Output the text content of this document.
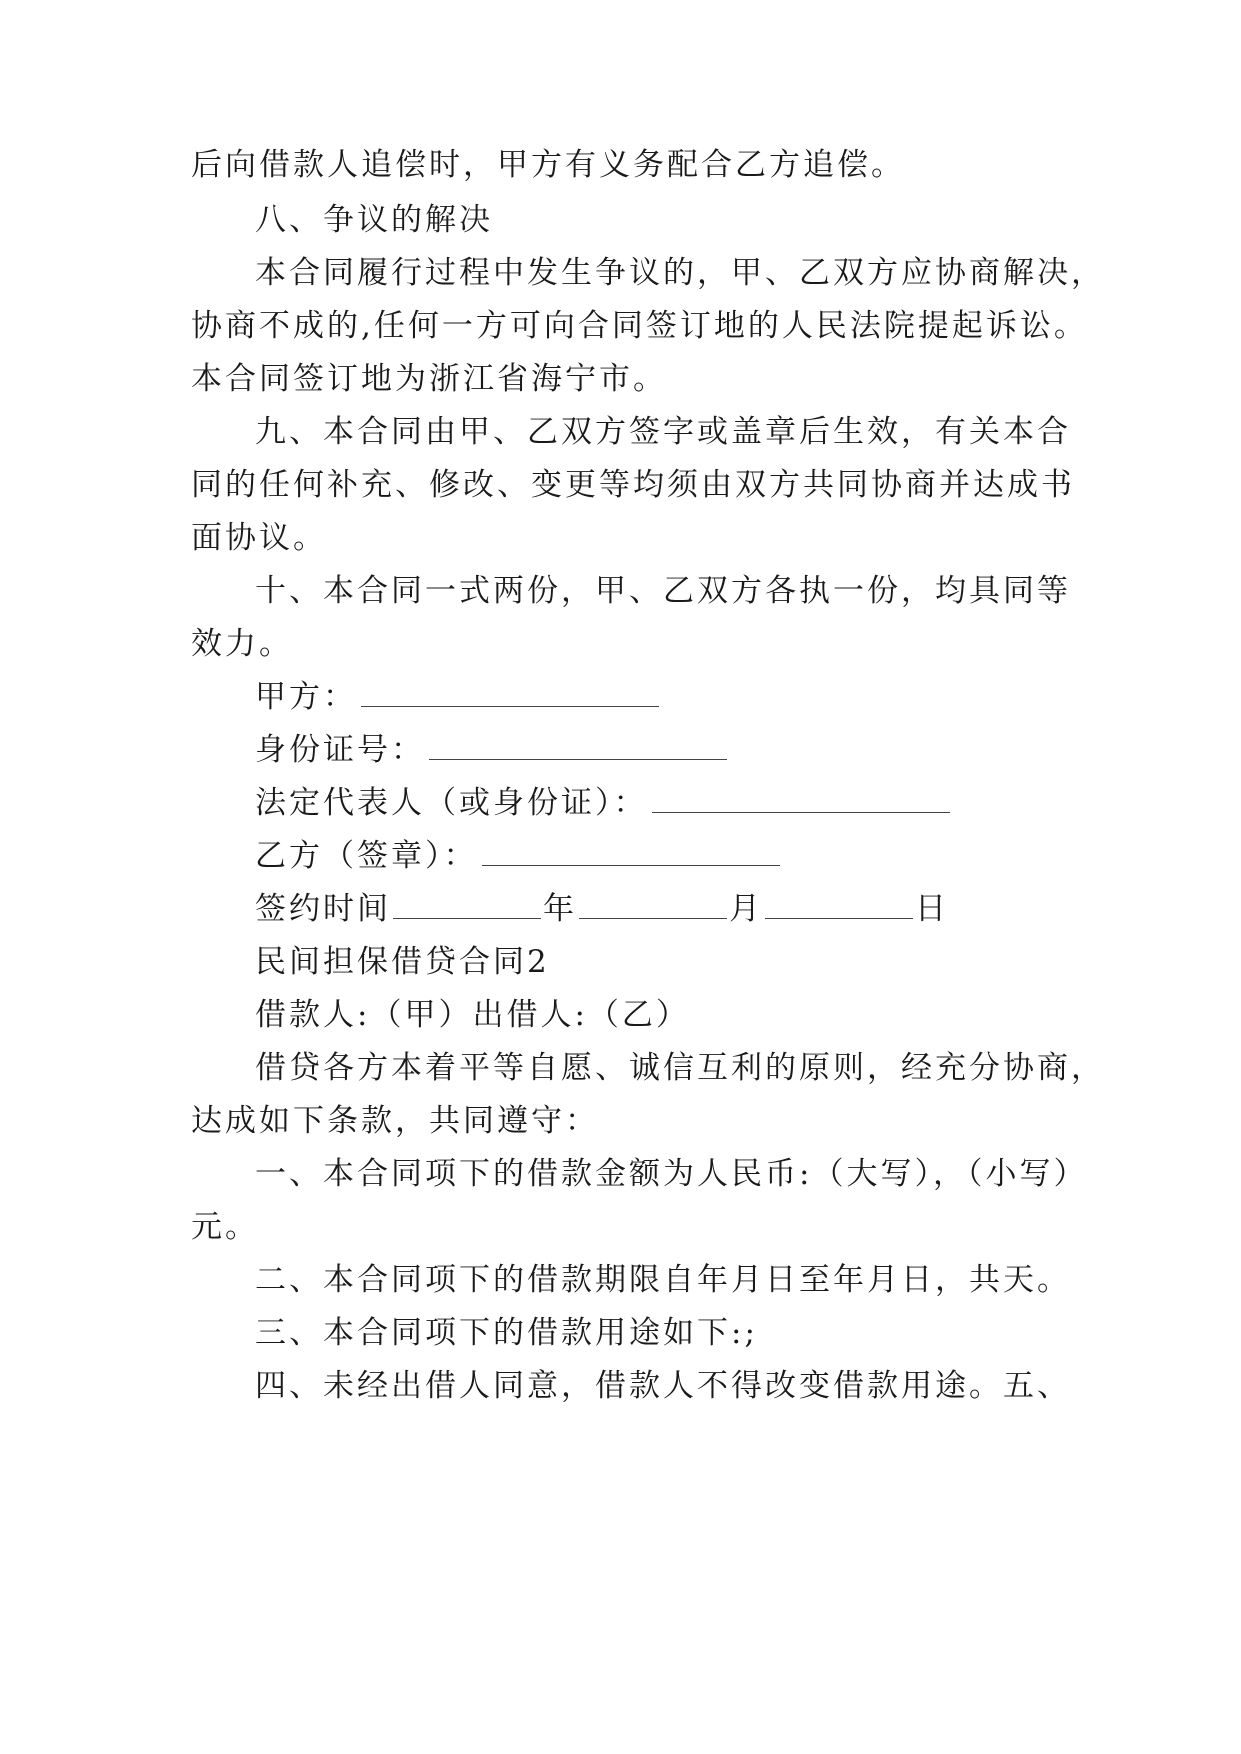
后向借款人追偿时，甲方有义务配合乙方追偿。
八、争议的解决
本合同履行过程中发生争议的，甲、乙双方应协商解决，
协商不成的,任何一方可向合同签订地的人民法院提起诉讼。
本合同签订地为浙江省海宁市。
九、本合同由甲、乙双方签字或盖章后生效，有关本合
同的任何补充、修改、变更等均须由双方共同协商并达成书
面协议。
十、本合同一式两份，甲、乙双方各执一份，均具同等
效力。
甲方：
身份证号：
法定代表人（或身份证）：
乙方（签章）：
签约时间	年	月	日
民间担保借贷合同2
借款人:（甲）出借人:（乙）
借贷各方本着平等自愿、诚信互利的原则，经充分协商，
达成如下条款，共同遵守：
一、本合同项下的借款金额为人民币:（大写），（小写）
元。
二、本合同项下的借款期限自年月日至年月日，共天。
三、本合同项下的借款用途如下:;
四、未经出借人同意，借款人不得改变借款用途。五、
